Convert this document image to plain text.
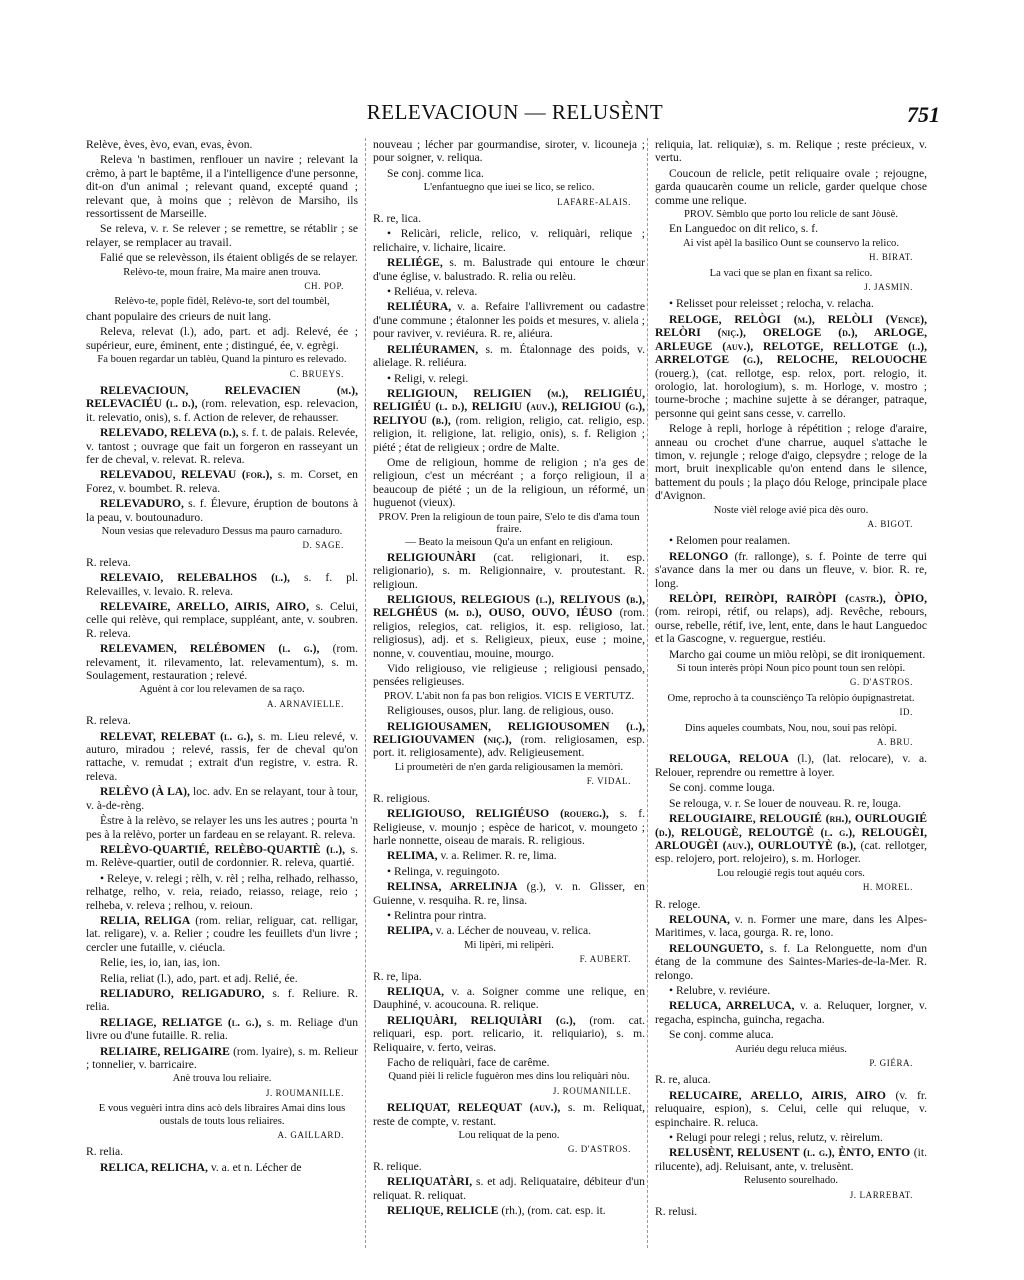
RELEVACIOUN — RELUSÈNT	751
Relève, èves, èvo, evan, evas, èvon.
Releva 'n bastimen, renflouer un navire ; relevant la crèmo, à part le baptême, il a l'intelligence d'une personne, dit-on d'un animal ; relevant quand, excepté quand ; relevant que, à moins que ; relèvon de Marsiho, ils ressortissent de Marseille.
Se releva, v. r. Se relever ; se remettre, se rétablir ; se relayer, se remplacer au travail.
Falié que se relevèsson, ils étaient obligés de se relayer.
Relèvo-te, moun fraire, Ma maire anen trouva.
CH. POP.
Relèvo-te, pople fidèl, Relèvo-te, sort del toumbèl,
chant populaire des crieurs de nuit lang.
Releva, relevat (l.), ado, part. et adj. Relevé, ée ; supérieur, eure, éminent, ente ; distingué, ée, v. egrègi.
Fa bouen regardar un tablèu, Quand la pinturo es relevado.
C. BRUEYS.
RELEVACIOUN, RELEVACIEN (m.), RELEVACIÉU (l. d.), (rom. relevation, esp. relevacion, it. relevatio, onis), s. f. Action de relever, de rehausser.
RELEVADO, RELEVA (d.), s. f. t. de palais. Relevée, v. tantost ; ouvrage que fait un forgeron en rasseyant un fer de cheval, v. relevat. R. releva.
RELEVADOU, RELEVAU (for.), s. m. Corset, en Forez, v. boumbet. R. releva.
RELEVADURO, s. f. Élevure, éruption de boutons à la peau, v. boutounaduro.
Noun vesias que relevaduro Dessus ma pauro carnaduro.
D. SAGE.
R. releva.
RELEVAIO, RELEBALHOS (l.), s. f. pl. Relevailles, v. levaio. R. releva.
RELEVAIRE, ARELLO, AIRIS, AIRO, s. Celui, celle qui relève, qui remplace, suppléant, ante, v. soubren. R. releva.
RELEVAMEN, RELÉBOMEN (l. g.), (rom. relevament, it. rilevamento, lat. relevamentum), s. m. Soulagement, restauration ; relevé.
Aguènt à cor lou relevamen de sa raço.
A. ARNAVIELLE.
R. releva.
RELEVAT, RELEBAT (l. g.), s. m. Lieu relevé, v. auturo, miradou ; relevé, rassis, fer de cheval qu'on rattache, v. remudat ; extrait d'un registre, v. estra. R. releva.
RELÈVO (À LA), loc. adv. En se relayant, tour à tour, v. à-de-rèng.
Èstre à la relèvo, se relayer les uns les autres ; pourta 'n pes à la relèvo, porter un fardeau en se relayant. R. releva.
RELÈVO-QUARTIÉ, RELÈBO-QUARTIÈ (l.), s. m. Relève-quartier, outil de cordonnier. R. releva, quartié.
• Releye, v. relegi ; rèlh, v. rèl ; relha, relhado, relhasso, relhatge, relho, v. reia, reiado, reiasso, reiage, reio ; relheba, v. releva ; relhou, v. reioun.
RELIA, RELIGA (rom. reliar, religuar, cat. relligar, lat. religare), v. a. Relier ; coudre les feuillets d'un livre ; cercler une futaille, v. ciéucla.
Relie, ies, io, ian, ias, ion.
Relia, reliat (l.), ado, part. et adj. Relié, ée.
RELIADURO, RELIGADURO, s. f. Reliure. R. relia.
RELIAGE, RELIATGE (l. g.), s. m. Reliage d'un livre ou d'une futaille. R. relia.
RELIAIRE, RELIGAIRE (rom. lyaire), s. m. Relieur ; tonnelier, v. barricaire.
Anè trouva lou reliaire.
J. ROUMANILLE.
E vous veguèri intra dins acò dels libraires Amai dins lous oustals de touts lous reliaires.
A. GAILLARD.
R. relia.
RELICA, RELICHA, v. a. et n. Lécher de
nouveau ; lécher par gourmandise, siroter, v. licouneja ; pour soigner, v. reliqua.
Se conj. comme lica.
L'enfantuegno que iuei se lico, se relico.
LAFARE-ALAIS.
R. re, lica.
• Relicàri, relicle, relico, v. reliquàri, relique ; relichaire, v. lichaire, licaire.
RELIÉGE, s. m. Balustrade qui entoure le chœur d'une église, v. balustrado. R. relia ou relèu.
• Reliéua, v. releva.
RELIÉURA, v. a. Refaire l'allivrement ou cadastre d'une commune ; étalonner les poids et mesures, v. aliela ; pour raviver, v. reviéura. R. re, aliéura.
RELIÉURAMEN, s. m. Étalonnage des poids, v. alielage. R. reliéura.
• Religi, v. relegi.
RELIGIOUN, RELIGIEN (m.), RELIGIÉU, RELIGIÉU (l. d.), RELIGIU (auv.), RELIGIOU (g.), RELIYOU (b.), (rom. religion, religio, cat. religio, esp. religion, it. religione, lat. religio, onis), s. f. Religion ; piété ; état de religieux ; ordre de Malte.
Ome de religioun, homme de religion ; n'a ges de religioun, c'est un mécréant ; a forço religioun, il a beaucoup de piété ; un de la religioun, un réformé, un huguenot (vieux).
PROV. Pren la religioun de toun paire, S'elo te dis d'ama toun fraire.
— Beato la meisoun Qu'a un enfant en religioun.
RELIGIOUNÀRI (cat. religionari, it. esp. religionario), s. m. Religionnaire, v. proutestant. R. religioun.
RELIGIOUS, RELEGIOUS (l.), RELIYOUS (b.), RELGHÉUS (m. d.), OUSO, OUVO, IÉUSO (rom. religios, relegios, cat. religios, it. esp. religioso, lat. religiosus), adj. et s. Religieux, pieux, euse ; moine, nonne, v. couventiau, mouine, mourgo.
Vido religiouso, vie religieuse ; religiousi pensado, pensées religieuses.
PROV. L'abit non fa pas bon religios. VICIS E VERTUTZ.
Religiouses, ousos, plur. lang. de religious, ouso.
RELIGIOUSAMEN, RELIGIOUSOMEN (l.), RELIGIOUVAMEN (niç.), (rom. religiosamen, esp. port. it. religiosamente), adv. Religieusement.
Li proumetèri de n'en garda religiousamen la memòri.
F. VIDAL.
R. religious.
RELIGIOUSO, RELIGIÉUSO (rouerg.), s. f. Religieuse, v. mounjo ; espèce de haricot, v. moungeto ; harle nonnette, oiseau de marais. R. religious.
RELIMA, v. a. Relimer. R. re, lima.
• Relinga, v. reguingoto.
RELINSA, ARRELINJA (g.), v. n. Glisser, en Guienne, v. resquiha. R. re, linsa.
• Relintra pour rintra.
RELIPA, v. a. Lécher de nouveau, v. relica.
Mi lipèri, mi relipèri.
F. AUBERT.
R. re, lipa.
RELIQUA, v. a. Soigner comme une relique, en Dauphiné, v. acoucouna. R. relique.
RELIQUÀRI, RELIQUIÀRI (g.), (rom. cat. reliquari, esp. port. relicario, it. reliquiario), s. m. Reliquaire, v. ferto, veiras.
Facho de reliquàri, face de carême.
Quand pièi li relicle fuguèron mes dins lou reliquàri nòu.
J. ROUMANILLE.
RELIQUAT, RELEQUAT (auv.), s. m. Reliquat, reste de compte, v. restant.
Lou reliquat de la peno.
G. D'ASTROS.
R. relique.
RELIQUATÀRI, s. et adj. Reliquataire, débiteur d'un reliquat. R. reliquat.
RELIQUE, RELICLE (rh.), (rom. cat. esp. it.
reliquia, lat. reliquiæ), s. m. Relique ; reste précieux, v. vertu.
Coucoun de relicle, petit reliquaire ovale ; rejougne, garda quaucarèn coume un relicle, garder quelque chose comme une relique.
PROV. Sèmblo que porto lou relicle de sant Jòusè.
En Languedoc on dit relico, s. f.
Ai vist apèl la basilico Ount se counservo la relico.
H. BIRAT.
La vaci que se plan en fixant sa relico.
J. JASMIN.
• Relisset pour releisset ; relocha, v. relacha.
RELOGE, RELÒGI (m.), RELÒLI (Vence), RELÒRI (niç.), ORELOGE (d.), ARLOGE, ARLEUGE (auv.), RELOTGE, RELLOTGE (l.), ARRELOTGE (g.), RELOCHE, RELOUOCHE (rouerg.), (cat. rellotge, esp. relox, port. relogio, it. orologio, lat. horologium), s. m. Horloge, v. mostro ; tourne-broche ; machine sujette à se déranger, patraque, personne qui geint sans cesse, v. carrello.
Reloge à repli, horloge à répétition ; reloge d'araire, anneau ou crochet d'une charrue, auquel s'attache le timon, v. rejungle ; reloge d'aigo, clepsydre ; reloge de la mort, bruit inexplicable qu'on entend dans le silence, battement du pouls ; la plaço dóu Reloge, principale place d'Avignon.
Noste vièl reloge avié pica dès ouro.
A. BIGOT.
• Relomen pour realamen.
RELONGO (fr. rallonge), s. f. Pointe de terre qui s'avance dans la mer ou dans un fleuve, v. bior. R. re, long.
RELÒPI, REIRÒPI, RAIRÒPI (castr.), ÒPIO, (rom. reiropi, rétif, ou relaps), adj. Revêche, rebours, ourse, rebelle, rétif, ive, lent, ente, dans le haut Languedoc et la Gascogne, v. reguergue, restiéu.
Marcho gai coume un miòu relòpi, se dit ironiquement.
Si toun interès pròpi Noun pico pount toun sen relòpi.
G. D'ASTROS.
Ome, reprocho à ta counsciènço Ta relòpio óupignastretat.
ID.
Dins aqueles coumbats, Nou, nou, soui pas relòpi.
A. BRU.
RELOUGA, RELOUA (l.), (lat. relocare), v. a. Relouer, reprendre ou remettre à loyer.
Se conj. comme louga.
Se relouga, v. r. Se louer de nouveau. R. re, louga.
RELOUGIAIRE, RELOUGIÉ (rh.), OURLOUGIÉ (d.), RELOUGÈ, RELOUTGÈ (l. g.), RELOUGÈI, ARLOUGÈI (auv.), OURLOUTYÈ (b.), (cat. rellotger, esp. relojero, port. relojeiro), s. m. Horloger.
Lou relougié regis tout aquéu cors.
H. MOREL.
R. reloge.
RELOUNA, v. n. Former une mare, dans les Alpes-Maritimes, v. laca, gourga. R. re, lono.
RELOUNGUETO, s. f. La Relonguette, nom d'un étang de la commune des Saintes-Maries-de-la-Mer. R. relongo.
• Relubre, v. reviéure.
RELUCA, ARRELUCA, v. a. Reluquer, lorgner, v. regacha, espincha, guincha, regacha.
Se conj. comme aluca.
Auriéu degu reluca miéus.
P. GIÉRA.
R. re, aluca.
RELUCAIRE, ARELLO, AIRIS, AIRO (v. fr. reluquaire, espion), s. Celui, celle qui reluque, v. espinchaire. R. reluca.
• Relugi pour relegi ; relus, relutz, v. rèirelum.
RELUSÈNT, RELUSENT (l. g.), ÈNTO, ENTO (it. rilucente), adj. Reluisant, ante, v. trelusènt.
Relusento sourelhado.
J. LARREBAT.
R. relusi.
